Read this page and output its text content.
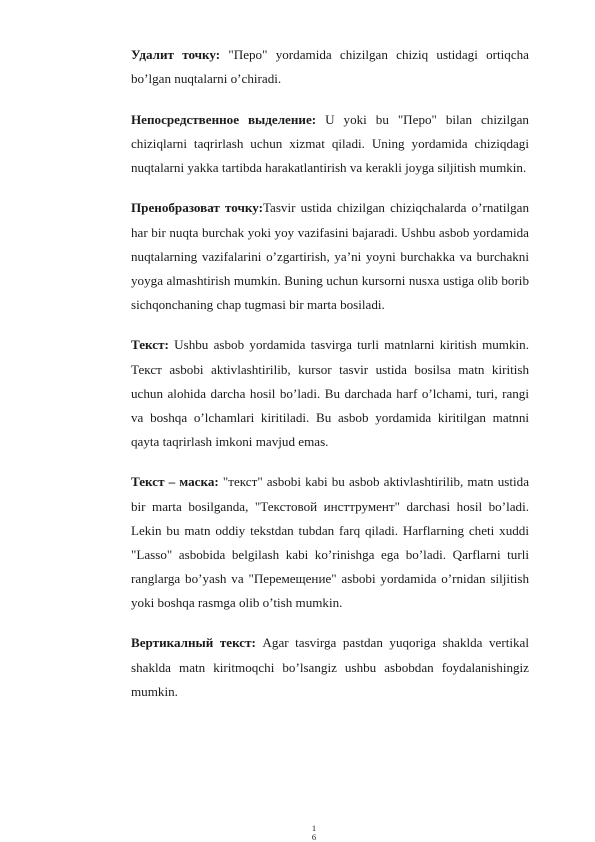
Удалит точку: "Перо" yordamida chizilgan chiziq ustidagi ortiqcha bo’lgan nuqtalarni o’chiradi.

Непосредственное выделение: U yoki bu "Перо" bilan chizilgan chiziqlarni taqrirlash uchun xizmat qiladi. Uning yordamida chiziqdagi nuqtalarni yakka tartibda harakatlantirish va kerakli joyga siljitish mumkin.

Пренобразоват точку:Tasvir ustida chizilgan chiziqchalarda o’rnatilgan har bir nuqta burchak yoki yoy vazifasini bajaradi. Ushbu asbob yordamida nuqtalarning vazifalarini o’zgartirish, ya’ni yoyni burchakka va burchakni yoyga almashtirish mumkin. Buning uchun kursorni nusxa ustiga olib borib sichqonchaning chap tugmasi bir marta bosiladi.

Текст: Ushbu asbob yordamida tasvirga turli matnlarni kiritish mumkin. Текст asbobi aktivlashtirilib, kursor tasvir ustida bosilsa matn kiritish uchun alohida darcha hosil bo’ladi. Bu darchada harf o’lchami, turi, rangi va boshqa o’lchamlari kiritiladi. Bu asbob yordamida kiritilgan matnni qayta taqrirlash imkoni mavjud emas.

Текст – маска: "текст" asbobi kabi bu asbob aktivlashtirilib, matn ustida bir marta bosilganda, "Текстовой инсттрумент" darchasi hosil bo’ladi. Lekin bu matn oddiy tekstdan tubdan farq qiladi. Harflarning cheti xuddi "Lasso" asbobida belgilash kabi ko’rinishga ega bo’ladi. Qarflarni turli ranglarga bo’yash va "Перемещение" asbobi yordamida o’rnidan siljitish yoki boshqa rasmga olib o’tish mumkin.

Вертикалный текст: Agar tasvirga pastdan yuqoriga shaklda vertikal shaklda matn kiritmoqchi bo’lsangiz ushbu asbobdan foydalanishingiz mumkin.

1
6
